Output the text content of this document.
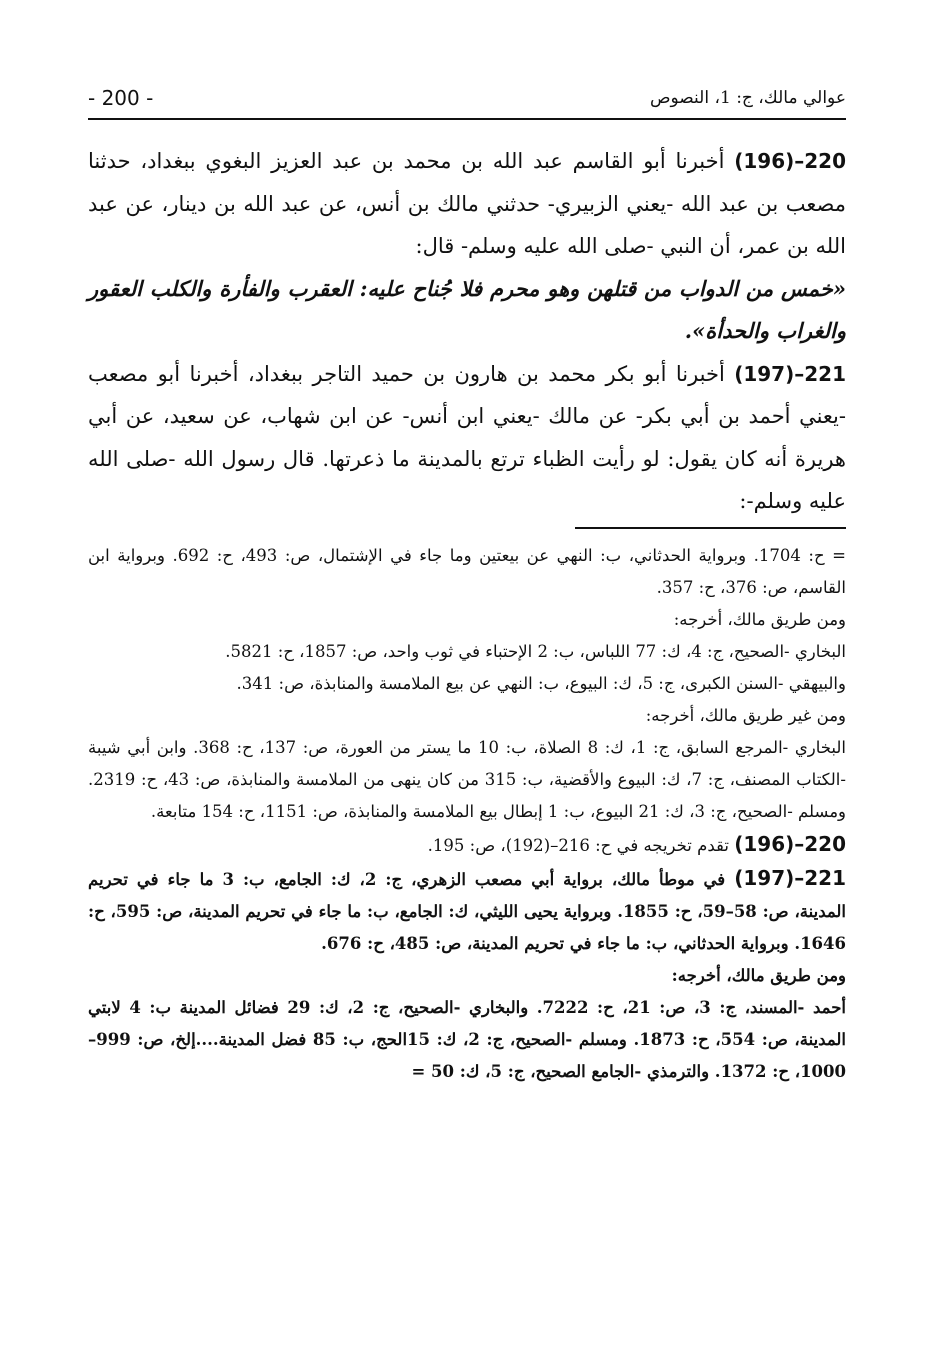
- 200 -	عوالي مالك، ج: 1، النصوص

220–(196) أخبرنا أبو القاسم عبد الله بن محمد بن عبد العزيز البغوي ببغداد، حدثنا مصعب بن عبد الله -يعني الزبيري- حدثني مالك بن أنس، عن عبد الله بن دينار، عن عبد الله بن عمر، أن النبي -صلى الله عليه وسلم- قال:

«خمس من الدواب من قتلهن وهو محرم فلا جُناح عليه: العقرب والفأرة والكلب العقور والغراب والحدأة».

221–(197) أخبرنا أبو بكر محمد بن هارون بن حميد التاجر ببغداد، أخبرنا أبو مصعب -يعني أحمد بن أبي بكر- عن مالك -يعني ابن أنس- عن ابن شهاب، عن سعيد، عن أبي هريرة أنه كان يقول: لو رأيت الظباء ترتع بالمدينة ما ذعرتها. قال رسول الله -صلى الله عليه وسلم-:

= ح: 1704. وبرواية الحدثاني، ب: النهي عن بيعتين وما جاء في الإشتمال، ص: 493، ح: 692. وبرواية ابن القاسم، ص: 376، ح: 357.

ومن طريق مالك، أخرجه:

البخاري -الصحيح، ج: 4، ك: 77 اللباس، ب: 2 الإحتباء في ثوب واحد، ص: 1857، ح: 5821.

والبيهقي -السنن الكبرى، ج: 5، ك: البيوع، ب: النهي عن بيع الملامسة والمنابذة، ص: 341.

ومن غير طريق مالك، أخرجه:

البخاري -المرجع السابق، ج: 1، ك: 8 الصلاة، ب: 10 ما يستر من العورة، ص: 137، ح: 368. وابن أبي شيبة -الكتاب المصنف، ج: 7، ك: البيوع والأقضية، ب: 315 من كان ينهى من الملامسة والمنابذة، ص: 43، ح: 2319. ومسلم -الصحيح، ج: 3، ك: 21 البيوع، ب: 1 إبطال بيع الملامسة والمنابذة، ص: 1151، ح: 154 متابعة.

220–(196) تقدم تخريجه في ح: 216–(192)، ص: 195.

221–(197) في موطأ مالك، برواية أبي مصعب الزهري، ج: 2، ك: الجامع، ب: 3 ما جاء في تحريم المدينة، ص: 58–59، ح: 1855. وبرواية يحيى الليثي، ك: الجامع، ب: ما جاء في تحريم المدينة، ص: 595، ح: 1646. وبرواية الحدثاني، ب: ما جاء في تحريم المدينة، ص: 485، ح: 676.

ومن طريق مالك، أخرجه:

أحمد -المسند، ج: 3، ص: 21، ح: 7222. والبخاري -الصحيح، ج: 2، ك: 29 فضائل المدينة ب: 4 لابتي المدينة، ص: 554، ح: 1873. ومسلم -الصحيح، ج: 2، ك: 15الحج، ب: 85 فضل المدينة....إلخ، ص: 999–1000، ح: 1372. والترمذي -الجامع الصحيح، ج: 5، ك: 50 =
